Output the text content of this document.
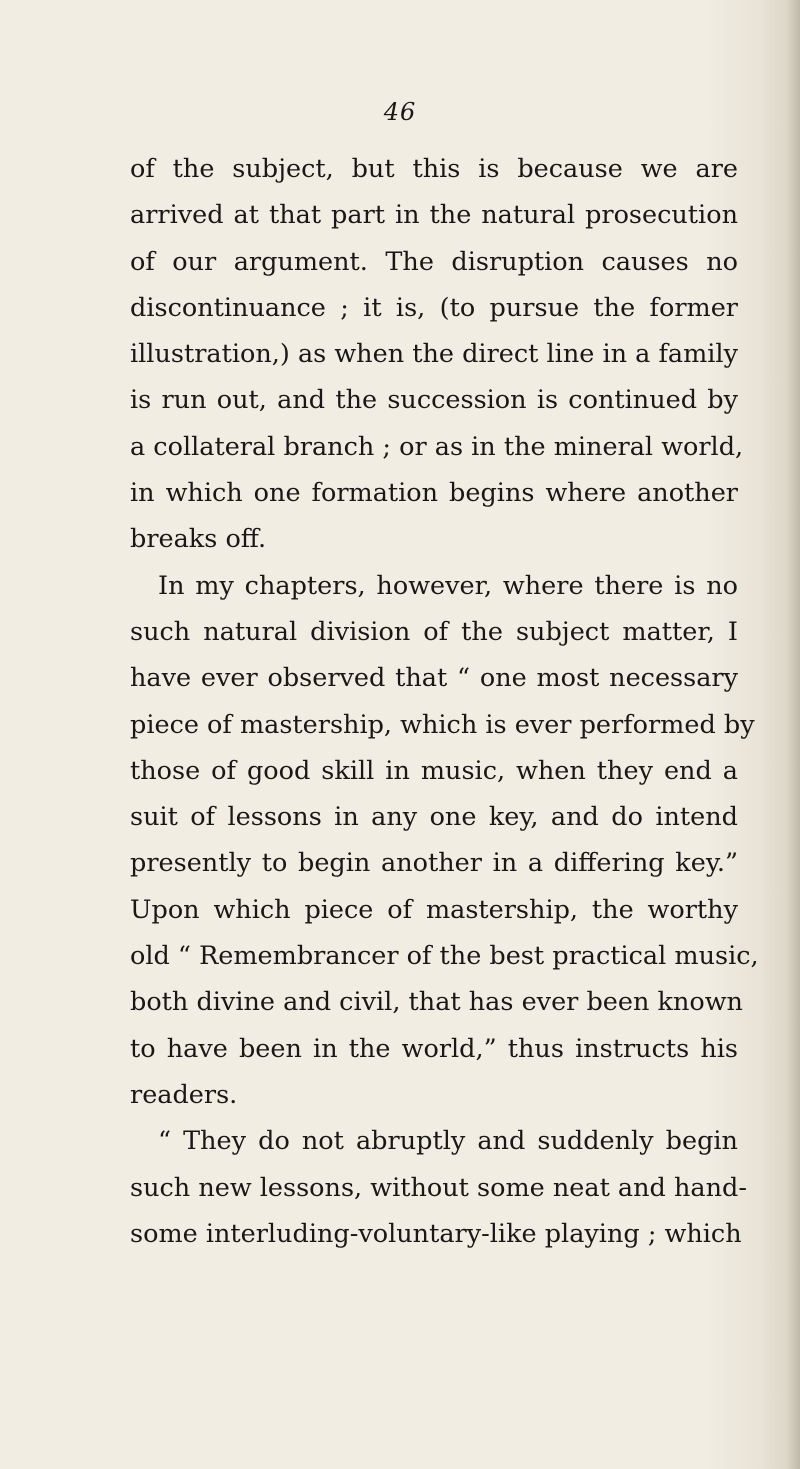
46
of the subject, but this is because we are
arrived at that part in the natural prosecution
of our argument. The disruption causes no
discontinuance ; it is, (to pursue the former
illustration,) as when the direct line in a family
is run out, and the succession is continued by
a collateral branch ; or as in the mineral world,
in which one formation begins where another
breaks off.
In my chapters, however, where there is no
such natural division of the subject matter, I
have ever observed that “ one most necessary
piece of mastership, which is ever performed by
those of good skill in music, when they end a
suit of lessons in any one key, and do intend
presently to begin another in a differing key.”
Upon which piece of mastership, the worthy
old “ Remembrancer of the best practical music,
both divine and civil, that has ever been known
to have been in the world,” thus instructs his
readers.
“ They do not abruptly and suddenly begin
such new lessons, without some neat and hand-
some interluding-voluntary-like playing ; which
